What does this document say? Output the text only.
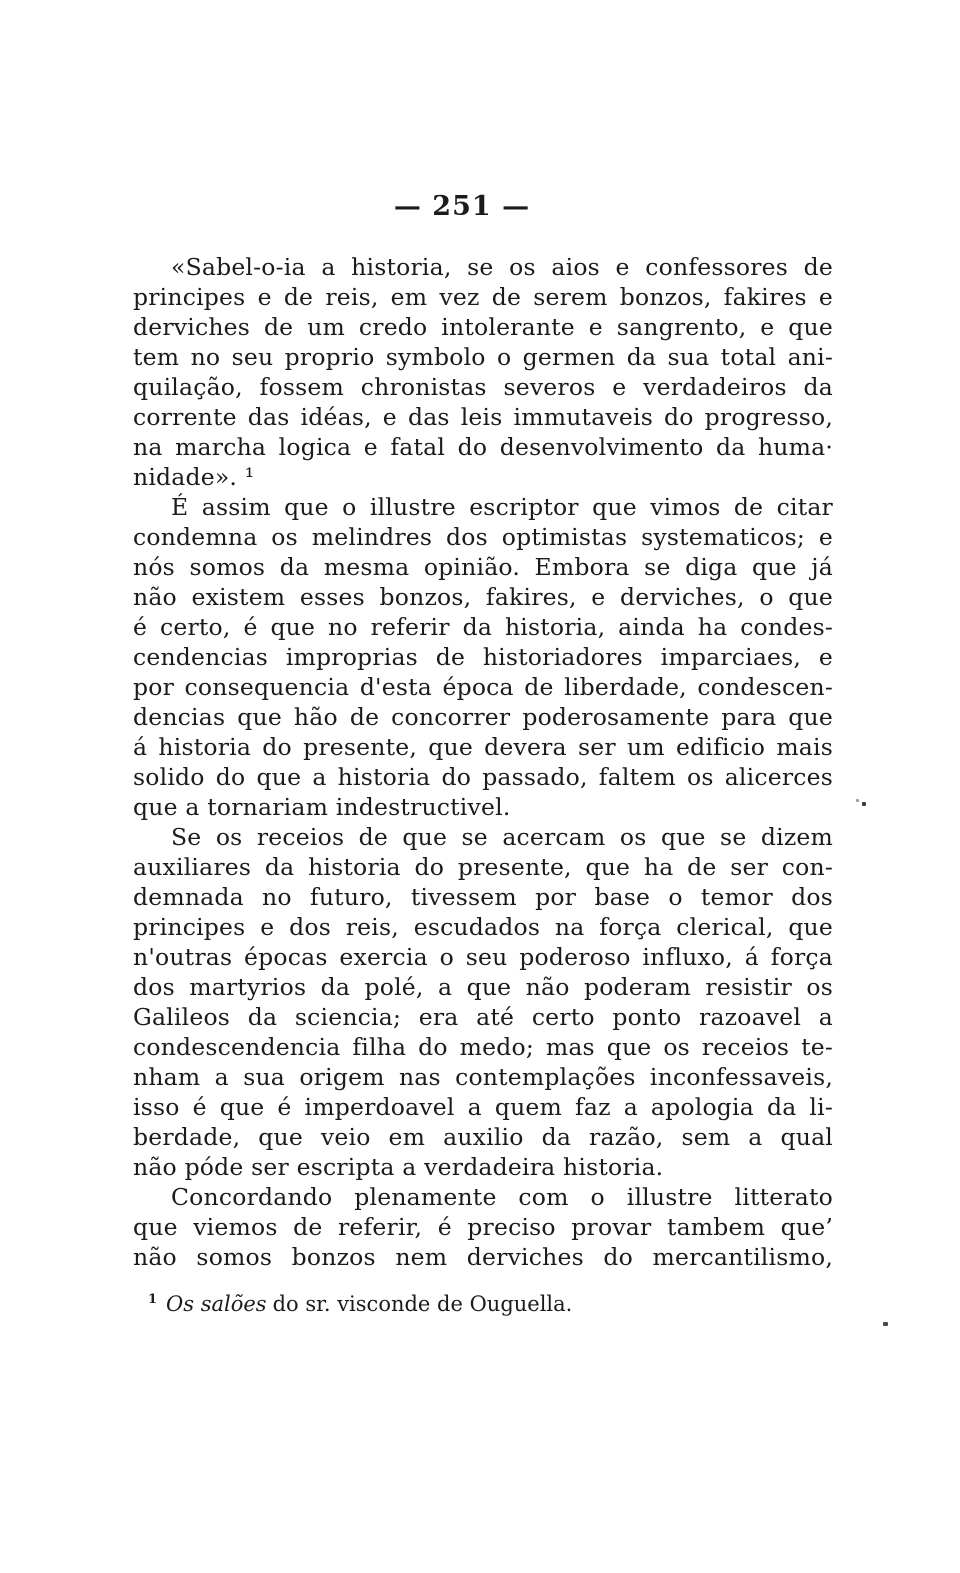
— 251 —
«Sabel-o-ia a historia, se os aios e confessores de
principes e de reis, em vez de serem bonzos, fakires e
derviches de um credo intolerante e sangrento, e que
tem no seu proprio symbolo o germen da sua total ani-
quilação, fossem chronistas severos e verdadeiros da
corrente das idéas, e das leis immutaveis do progresso,
na marcha logica e fatal do desenvolvimento da huma·
nidade». ¹
É assim que o illustre escriptor que vimos de citar
condemna os melindres dos optimistas systematicos; e
nós somos da mesma opinião. Embora se diga que já
não existem esses bonzos, fakires, e derviches, o que
é certo, é que no referir da historia, ainda ha condes-
cendencias improprias de historiadores imparciaes, e
por consequencia d'esta época de liberdade, condescen-
dencias que hão de concorrer poderosamente para que
á historia do presente, que devera ser um edificio mais
solido do que a historia do passado, faltem os alicerces
que a tornariam indestructivel.
Se os receios de que se acercam os que se dizem
auxiliares da historia do presente, que ha de ser con-
demnada no futuro, tivessem por base o temor dos
principes e dos reis, escudados na força clerical, que
n'outras épocas exercia o seu poderoso influxo, á força
dos martyrios da polé, a que não poderam resistir os
Galileos da sciencia; era até certo ponto razoavel a
condescendencia filha do medo; mas que os receios te-
nham a sua origem nas contemplações inconfessaveis,
isso é que é imperdoavel a quem faz a apologia da li-
berdade, que veio em auxilio da razão, sem a qual
não póde ser escripta a verdadeira historia.
Concordando plenamente com o illustre litterato
que viemos de referir, é preciso provar tambem que’
não somos bonzos nem derviches do mercantilismo,
$^1$ Os salões do sr. visconde de Ouguella.
